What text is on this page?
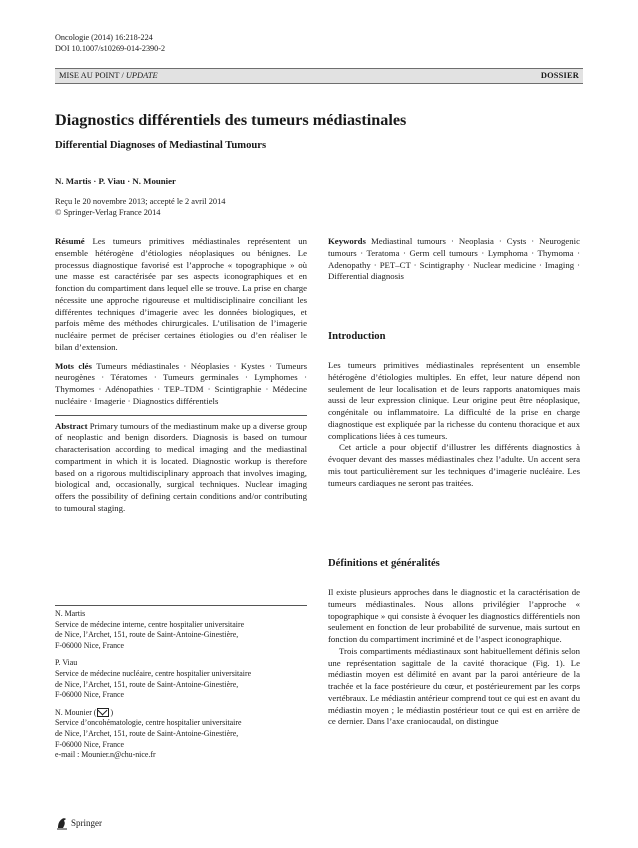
Oncologie (2014) 16:218-224
DOI 10.1007/s10269-014-2390-2
MISE AU POINT / UPDATE	DOSSIER
Diagnostics différentiels des tumeurs médiastinales
Differential Diagnoses of Mediastinal Tumours
N. Martis · P. Viau · N. Mounier
Reçu le 20 novembre 2013; accepté le 2 avril 2014
© Springer-Verlag France 2014

Résumé Les tumeurs primitives médiastinales représentent un ensemble hétérogène d’étiologies néoplasiques ou bénignes. Le processus diagnostique favorisé est l’approche « topographique » où une masse est caractérisée par ses aspects iconographiques et en fonction du compartiment dans lequel elle se trouve. La prise en charge nécessite une approche rigoureuse et multidisciplinaire conciliant les différentes techniques d’imagerie avec les données biologiques, et parfois même des méthodes chirurgicales. L’utilisation de l’imagerie nucléaire permet de préciser certaines étiologies ou d’en réaliser le bilan d’extension.

Mots clés Tumeurs médiastinales · Néoplasies · Kystes · Tumeurs neurogènes · Tératomes · Tumeurs germinales · Lymphomes · Thymomes · Adénopathies · TEP–TDM · Scintigraphie · Médecine nucléaire · Imagerie · Diagnostics différentiels

Abstract Primary tumours of the mediastinum make up a diverse group of neoplastic and benign disorders. Diagnosis is based on tumour characterisation according to medical imaging and the mediastinal compartment in which it is located. Diagnostic workup is therefore based on a rigorous multidisciplinary approach that involves imaging, biological and, occasionally, surgical techniques. Nuclear imaging offers the possibility of defining certain conditions and/or contributing to tumoural staging.

N. Martis
Service de médecine interne, centre hospitalier universitaire
de Nice, l’Archet, 151, route de Saint-Antoine-Ginestière,
F-06000 Nice, France
P. Viau
Service de médecine nucléaire, centre hospitalier universitaire
de Nice, l’Archet, 151, route de Saint-Antoine-Ginestière,
F-06000 Nice, France
N. Mounier ( )
Service d’oncohématologie, centre hospitalier universitaire
de Nice, l’Archet, 151, route de Saint-Antoine-Ginestière,
F-06000 Nice, France
e-mail : Mounier.n@chu-nice.fr

Keywords Mediastinal tumours · Neoplasia · Cysts · Neurogenic tumours · Teratoma · Germ cell tumours · Lymphoma · Thymoma · Adenopathy · PET–CT · Scintigraphy · Nuclear medicine · Imaging · Differential diagnosis

Introduction

Les tumeurs primitives médiastinales représentent un ensemble hétérogène d’étiologies multiples. En effet, leur nature dépend non seulement de leur localisation et de leurs rapports anatomiques mais aussi de leur expression clinique. Leur origine peut être néoplasique, congénitale ou inflammatoire. La difficulté de la prise en charge diagnostique est expliquée par la richesse du contenu thoracique et aux complications liées à ces tumeurs.

Cet article a pour objectif d’illustrer les différents diagnostics à évoquer devant des masses médiastinales chez l’adulte. Un accent sera mis tout particulièrement sur les techniques d’imagerie nucléaire. Les tumeurs cardiaques ne seront pas traitées.

Définitions et généralités

Il existe plusieurs approches dans le diagnostic et la caractérisation de tumeurs médiastinales. Nous allons privilégier l’approche « topographique » qui consiste à évoquer les diagnostics différentiels non seulement en fonction de leur probabilité de survenue, mais surtout en fonction du compartiment incriminé et de l’aspect iconographique.

Trois compartiments médiastinaux sont habituellement définis selon une représentation sagittale de la cavité thoracique (Fig. 1). Le médiastin moyen est délimité en avant par la paroi antérieure de la trachée et la face postérieure du cœur, et postérieurement par les corps vertébraux. Le médiastin antérieur comprend tout ce qui est en avant du médiastin moyen ; le médiastin postérieur tout ce qui est en arrière de ce dernier. Dans l’axe craniocaudal, on distingue

Springer
